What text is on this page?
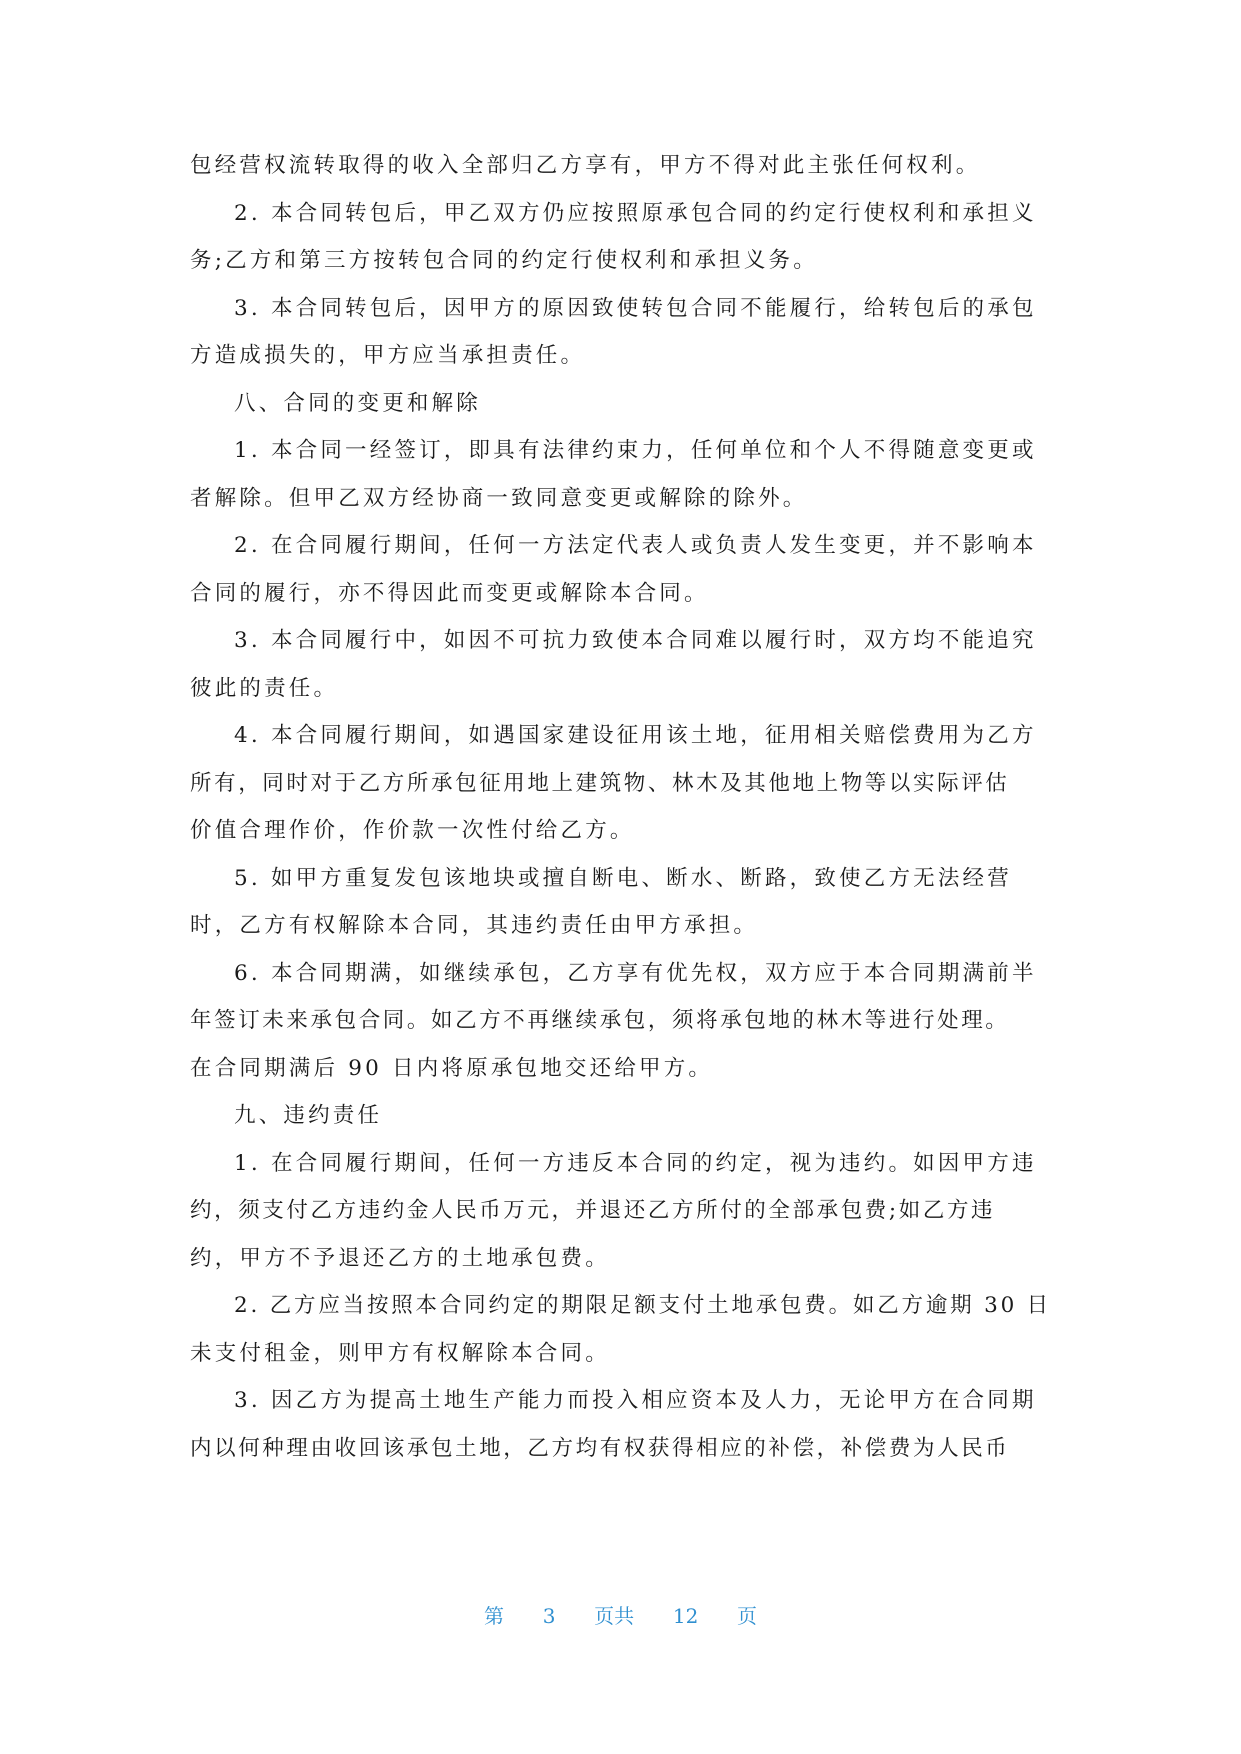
包经营权流转取得的收入全部归乙方享有，甲方不得对此主张任何权利。
2. 本合同转包后，甲乙双方仍应按照原承包合同的约定行使权利和承担义
务;乙方和第三方按转包合同的约定行使权利和承担义务。
3. 本合同转包后，因甲方的原因致使转包合同不能履行，给转包后的承包
方造成损失的，甲方应当承担责任。
八、合同的变更和解除
1. 本合同一经签订，即具有法律约束力，任何单位和个人不得随意变更或
者解除。但甲乙双方经协商一致同意变更或解除的除外。
2. 在合同履行期间，任何一方法定代表人或负责人发生变更，并不影响本
合同的履行，亦不得因此而变更或解除本合同。
3. 本合同履行中，如因不可抗力致使本合同难以履行时，双方均不能追究
彼此的责任。
4. 本合同履行期间，如遇国家建设征用该土地，征用相关赔偿费用为乙方
所有，同时对于乙方所承包征用地上建筑物、林木及其他地上物等以实际评估
价值合理作价，作价款一次性付给乙方。
5. 如甲方重复发包该地块或擅自断电、断水、断路，致使乙方无法经营
时，乙方有权解除本合同，其违约责任由甲方承担。
6. 本合同期满，如继续承包，乙方享有优先权，双方应于本合同期满前半
年签订未来承包合同。如乙方不再继续承包，须将承包地的林木等进行处理。
在合同期满后 90 日内将原承包地交还给甲方。
九、违约责任
1. 在合同履行期间，任何一方违反本合同的约定，视为违约。如因甲方违
约，须支付乙方违约金人民币万元，并退还乙方所付的全部承包费;如乙方违
约，甲方不予退还乙方的土地承包费。
2. 乙方应当按照本合同约定的期限足额支付土地承包费。如乙方逾期 30 日
未支付租金，则甲方有权解除本合同。
3. 因乙方为提高土地生产能力而投入相应资本及人力，无论甲方在合同期
内以何种理由收回该承包土地，乙方均有权获得相应的补偿，补偿费为人民币
第 3 页共 12 页
